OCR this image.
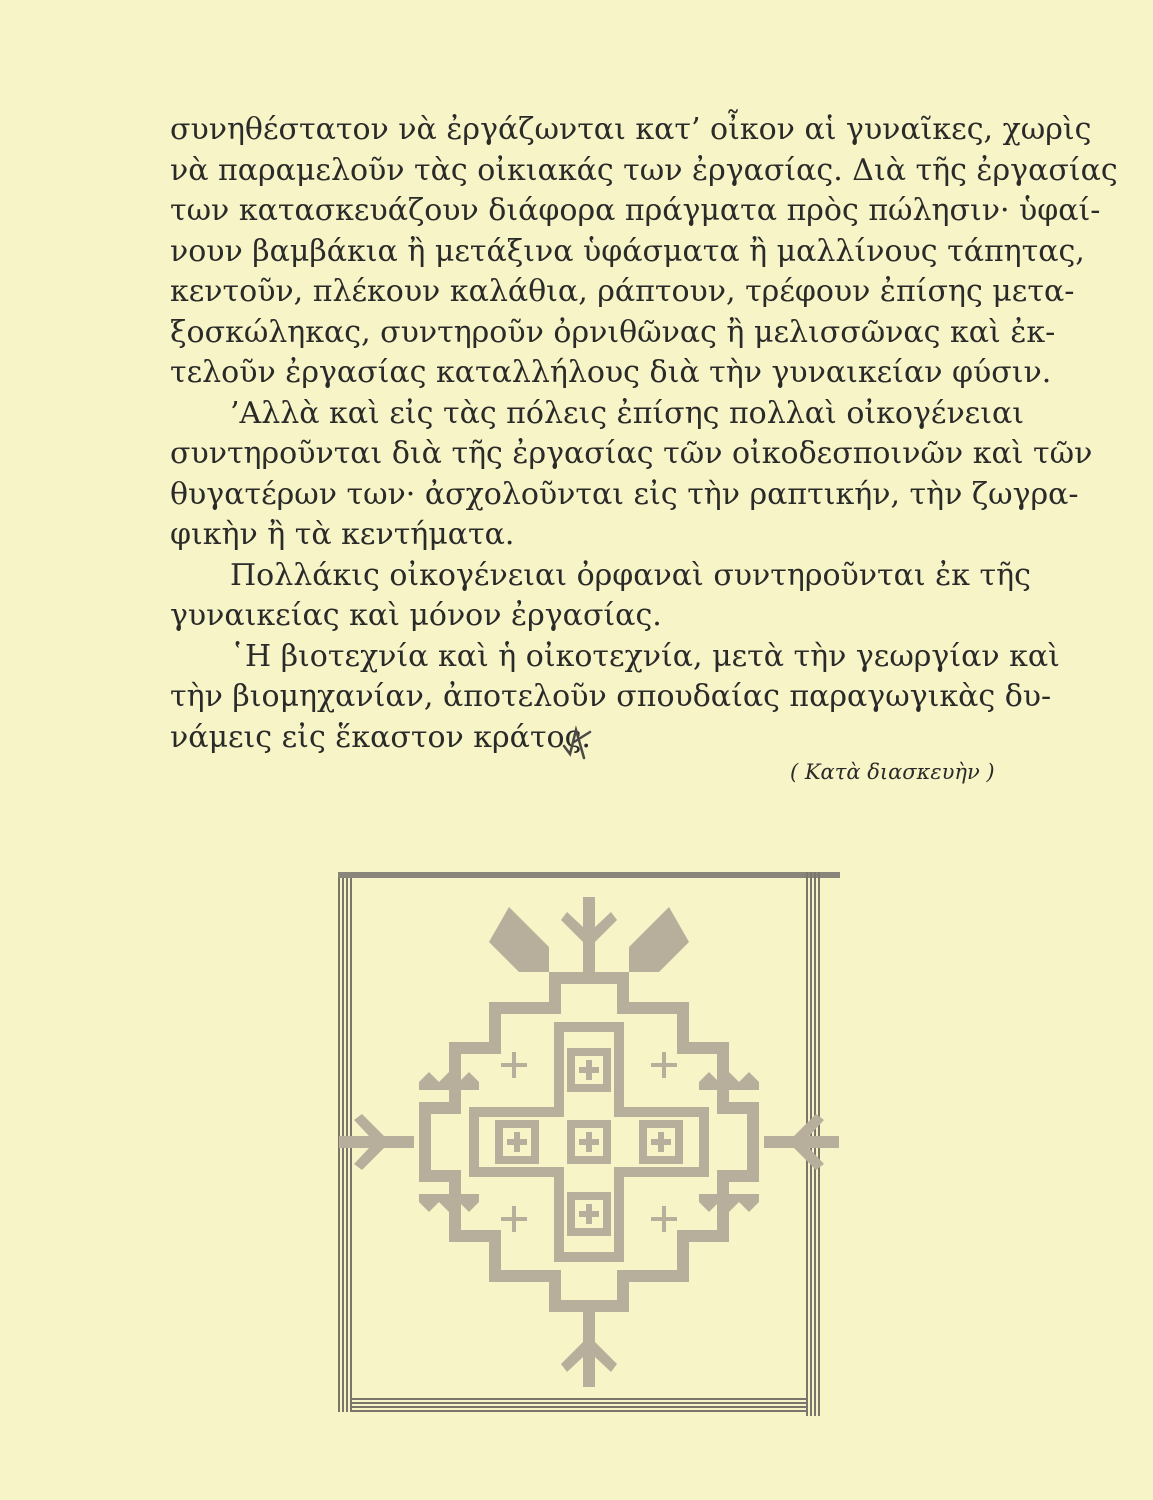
συνηθέστατον νὰ ἐργάζωνται κατ’ οἶκον αἱ γυναῖκες, χωρὶς
νὰ παραμελοῦν τὰς οἰκιακάς των ἐργασίας. Διὰ τῆς ἐργασίας
των κατασκευάζουν διάφορα πράγματα πρὸς πώλησιν· ὑφαί-
νουν βαμβάκια ἢ μετάξινα ὑφάσματα ἢ μαλλίνους τάπητας,
κεντοῦν, πλέκουν καλάθια, ράπτουν, τρέφουν ἐπίσης μετα-
ξοσκώληκας, συντηροῦν ὀρνιθῶνας ἢ μελισσῶνας καὶ ἐκ-
τελοῦν ἐργασίας καταλλήλους διὰ τὴν γυναικείαν φύσιν.
’Αλλὰ καὶ εἰς τὰς πόλεις ἐπίσης πολλαὶ οἰκογένειαι
συντηροῦνται διὰ τῆς ἐργασίας τῶν οἰκοδεσποινῶν καὶ τῶν
θυγατέρων των· ἀσχολοῦνται εἰς τὴν ραπτικήν, τὴν ζωγρα-
φικὴν ἢ τὰ κεντήματα.
Πολλάκις οἰκογένειαι ὀρφαναὶ συντηροῦνται ἐκ τῆς
γυναικείας καὶ μόνον ἐργασίας.
῾Η βιοτεχνία καὶ ἡ οἰκοτεχνία, μετὰ τὴν γεωργίαν καὶ
τὴν βιομηχανίαν, ἀποτελοῦν σπουδαίας παραγωγικὰς δυ-
νάμεις εἰς ἕκαστον κράτος.
( Κατὰ διασκευὴν )
